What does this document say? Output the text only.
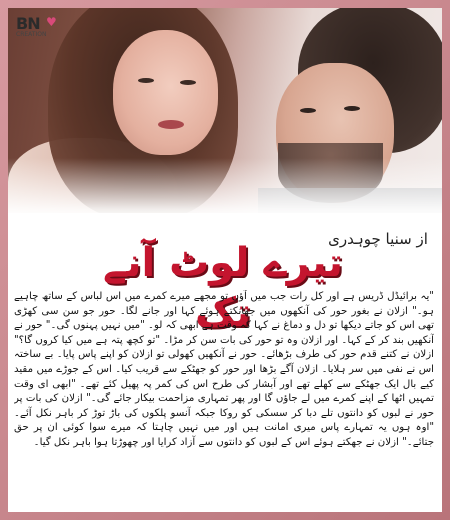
BN ♥
CREATION
از سنیا چوہدری
تیرے لوٹ آنے تک
"یہ برائیڈل ڈریس ہے اور کل رات جب میں آؤں تو مجھے میرے کمرے میں اس لباس کے ساتھ چاہیے ہو۔" ازلان نے بغور حور کی آنکھوں میں جھانکتے ہوئے کہا اور جانے لگا۔ حور جو سن سی کھڑی تھی اس کو جاتے دیکھا تو دل و دماغ نے کہا کہ وقت ہے ابھی کہ لو۔ "میں نہیں پہنوں گی۔" حور نے آنکھیں بند کر کے کہا۔ اور ازلان وہ تو حور کی بات سن کر مڑا۔ "تو کچھ پتہ ہے میں کیا کروں گا؟" ازلان نے کتنے قدم حور کی طرف بڑھائے۔ حور نے آنکھیں کھولی تو ازلان کو اپنے پاس پایا۔ بے ساختہ اس نے نفی میں سر ہلایا۔ ازلان آگے بڑھا اور حور کو جھٹکے سے قریب کیا۔ اس کے جوڑے میں مقید کیے بال ایک جھٹکے سے کھلے تھے اور آبشار کی طرح اس کی کمر پہ پھیل کئے تھے۔ "ابھی ای وقت تمہیں اٹھا کے اپنے کمرے میں لے جاؤں گا اور پھر تمہاری مزاحمت بیکار جائے گی۔" ازلان کی بات پر حور نے لبوں کو دانتوں تلے دبا کر سسکی کو روکا جبکہ آنسو پلکوں کی باڑ توڑ کر باہر نکل آئے۔ "اوہ ہوں یہ تمہارے پاس میری امانت ہیں اور میں نہیں چاہتا کہ میرے سوا کوئی ان پر حق جتائے۔" ازلان نے جھکتے ہوئے اس کے لبوں کو دانتوں سے آزاد کرایا اور چھوڑتا ہوا باہر نکل گیا۔
